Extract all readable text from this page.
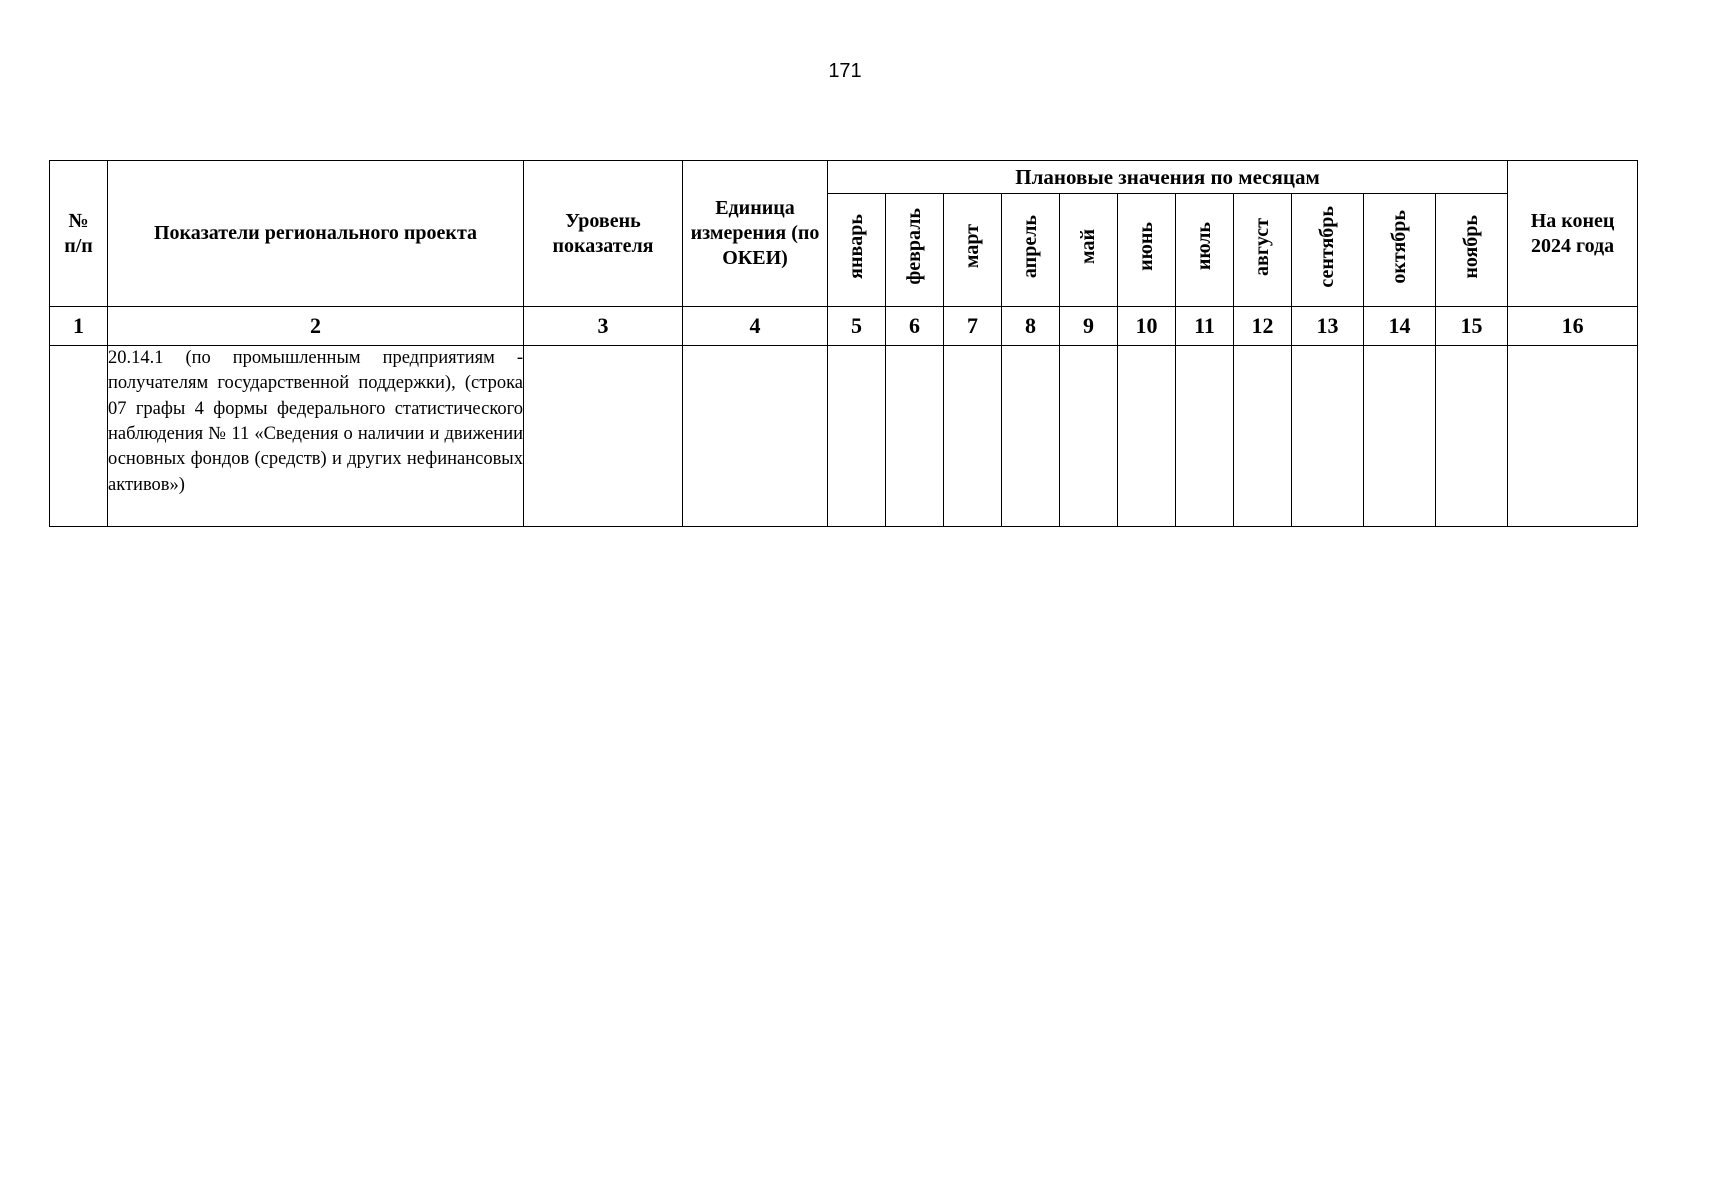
171
№
п/п	Показатели регионального проекта	Уровень показателя	Единица измерения (по ОКЕИ)	Плановые значения по месяцам											На конец 2024 года
				январь	февраль	март	апрель	май	июнь	июль	август	сентябрь	октябрь	ноябрь	
1	2	3	4	5	6	7	8	9	10	11	12	13	14	15	16
	20.14.1 (по промышленным предприятиям - получателям государственной поддержки), (строка 07 графы 4 формы федерального статистического наблюдения № 11 «Сведения о наличии и движении основных фондов (средств) и других нефинансовых активов»)														
